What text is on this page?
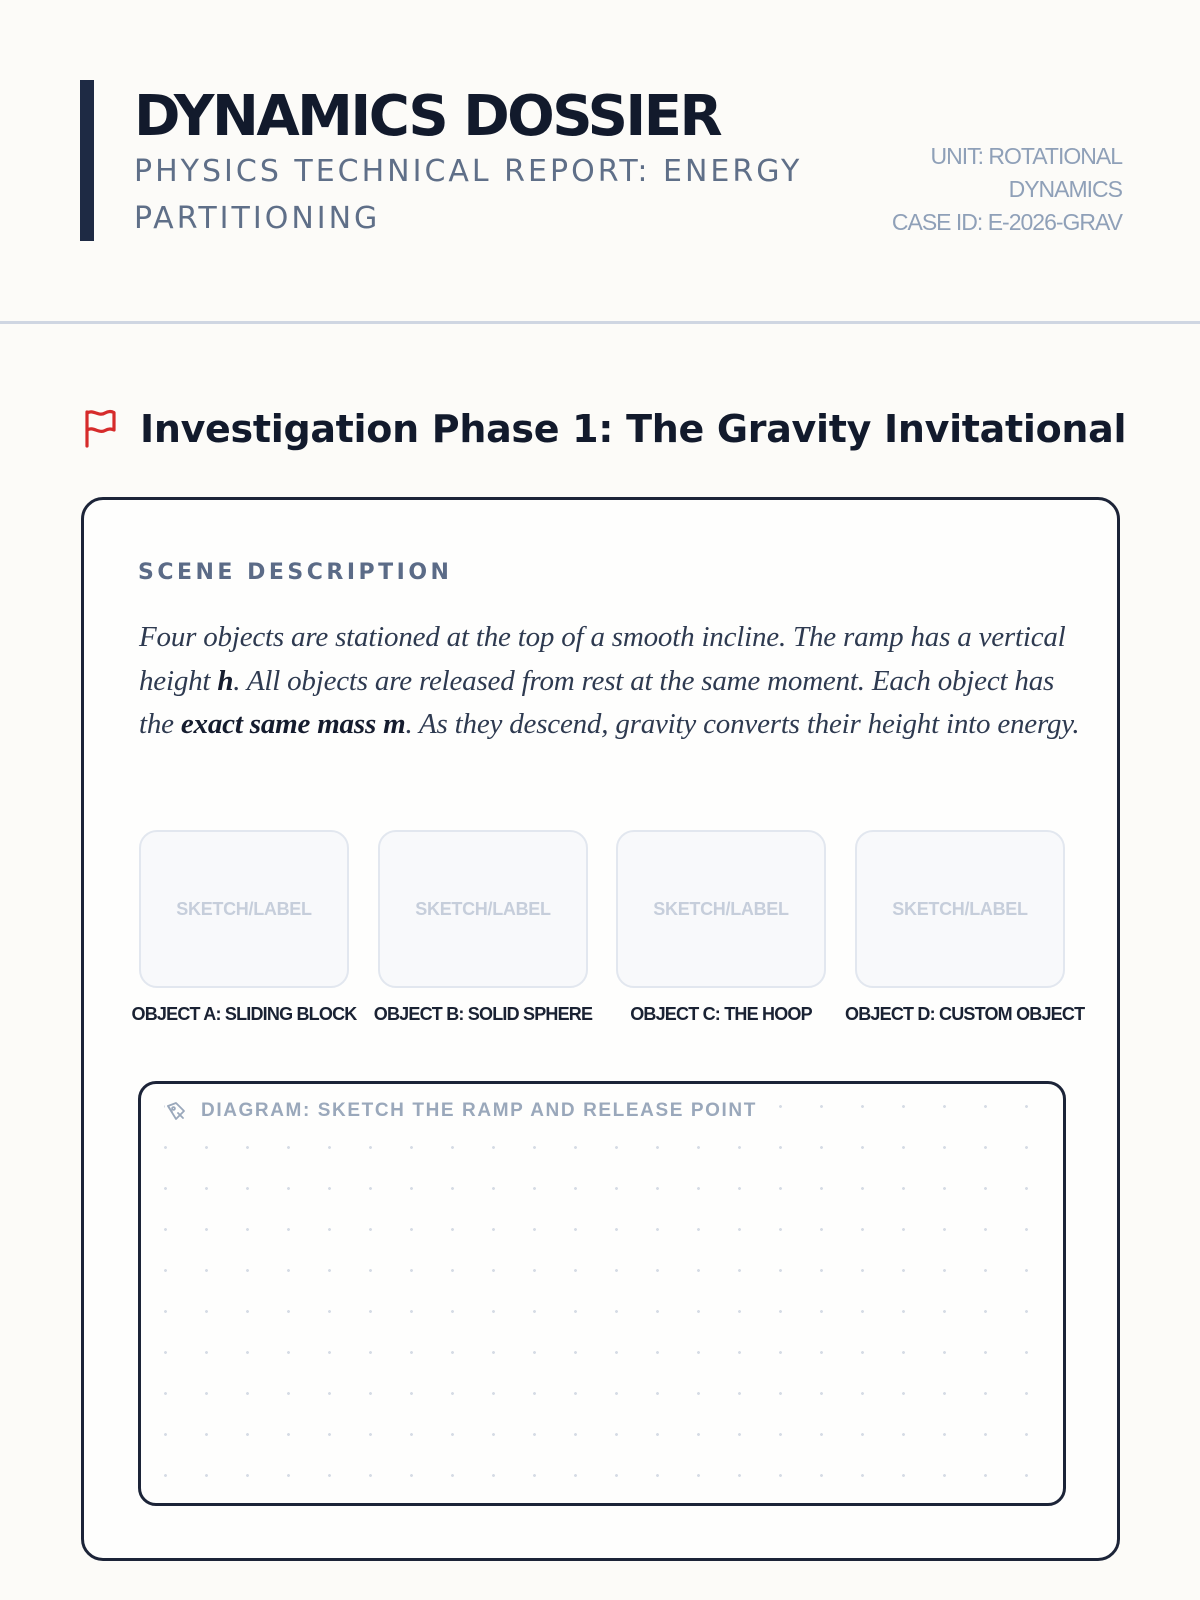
DYNAMICS DOSSIER
PHYSICS TECHNICAL REPORT: ENERGY PARTITIONING
UNIT: ROTATIONAL
DYNAMICS
CASE ID: E-2026-GRAV
Investigation Phase 1: The Gravity Invitational
SCENE DESCRIPTION

Four objects are stationed at the top of a smooth incline. The ramp has a vertical height h. All objects are released from rest at the same moment. Each object has the exact same mass m. As they descend, gravity converts their height into energy.

SKETCH/LABEL
OBJECT A: SLIDING BLOCK
SKETCH/LABEL
OBJECT B: SOLID SPHERE
SKETCH/LABEL
OBJECT C: THE HOOP
SKETCH/LABEL
OBJECT D: CUSTOM OBJECT
DIAGRAM: SKETCH THE RAMP AND RELEASE POINT
